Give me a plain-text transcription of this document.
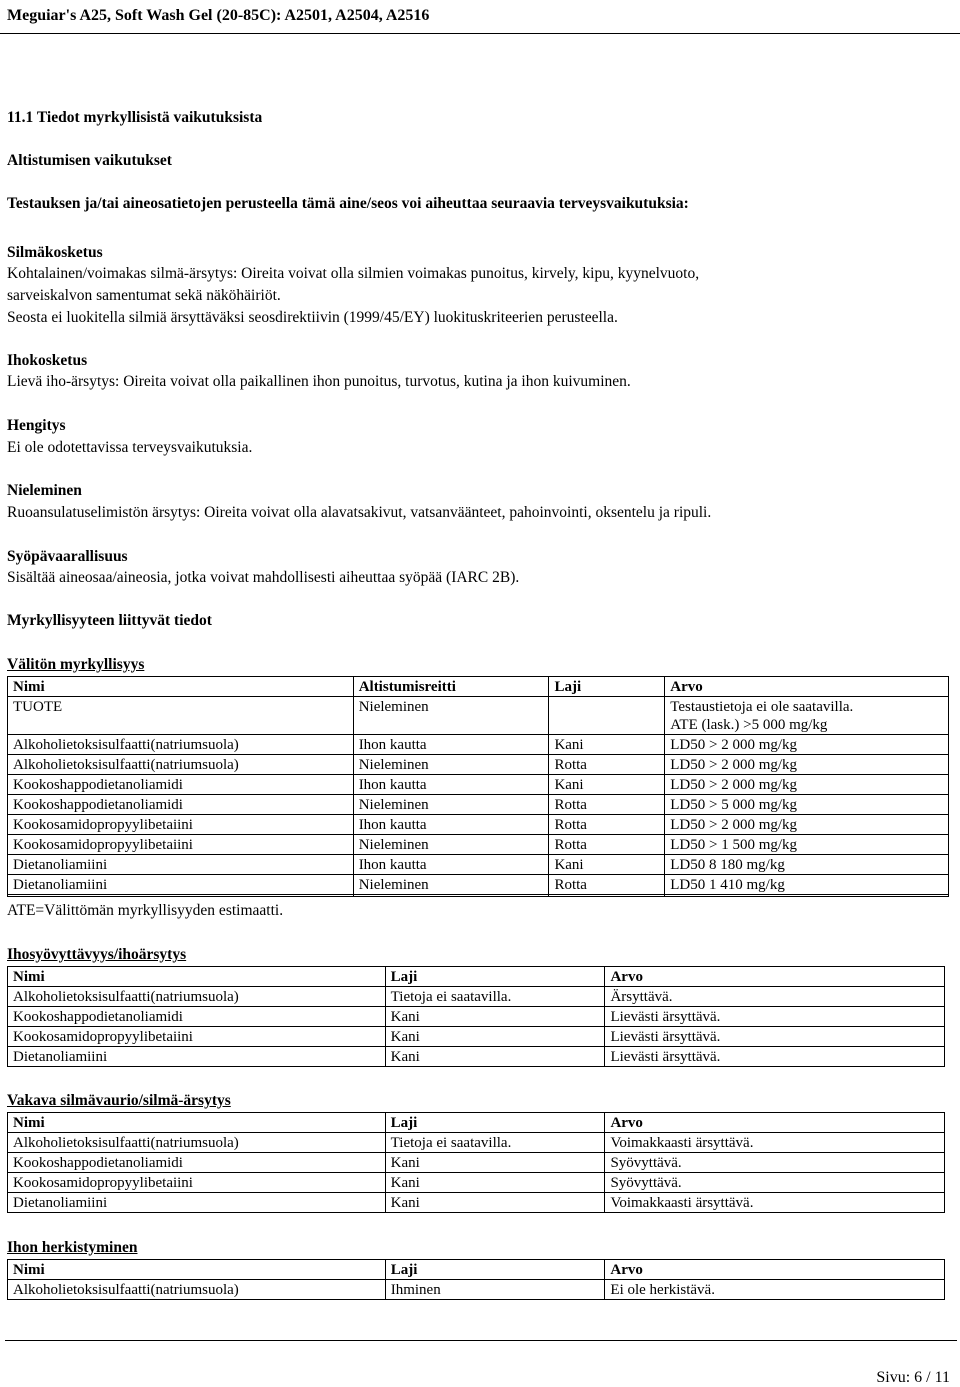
Meguiar's A25, Soft Wash Gel (20-85C): A2501, A2504, A2516
11.1 Tiedot myrkyllisistä vaikutuksista
Altistumisen vaikutukset
Testauksen ja/tai aineosatietojen perusteella tämä aine/seos voi aiheuttaa seuraavia terveysvaikutuksia:
Silmäkosketus
Kohtalainen/voimakas silmä-ärsytys: Oireita voivat olla silmien voimakas punoitus, kirvely, kipu, kyynelvuoto,
sarveiskalvon samentumat sekä näköhäiriöt.
Seosta ei luokitella silmiä ärsyttäväksi seosdirektiivin (1999/45/EY) luokituskriteerien perusteella.
Ihokosketus
Lievä iho-ärsytys: Oireita voivat olla paikallinen ihon punoitus, turvotus, kutina ja ihon kuivuminen.
Hengitys
Ei ole odotettavissa terveysvaikutuksia.
Nieleminen
Ruoansulatuselimistön ärsytys: Oireita voivat olla alavatsakivut, vatsanväänteet, pahoinvointi, oksentelu ja ripuli.
Syöpävaarallisuus
Sisältää aineosaa/aineosia, jotka voivat mahdollisesti aiheuttaa syöpää (IARC 2B).
Myrkyllisyyteen liittyvät tiedot
Välitön myrkyllisyys
Nimi	Altistumisreitti	Laji	Arvo
TUOTE	Nieleminen		Testaustietoja ei ole saatavilla.
ATE (lask.) >5 000 mg/kg

Alkoholietoksisulfaatti(natriumsuola)	Ihon kautta	Kani	LD50 > 2 000 mg/kg
Alkoholietoksisulfaatti(natriumsuola)	Nieleminen	Rotta	LD50 > 2 000 mg/kg
Kookoshappodietanoliamidi	Ihon kautta	Kani	LD50 > 2 000 mg/kg
Kookoshappodietanoliamidi	Nieleminen	Rotta	LD50 > 5 000 mg/kg
Kookosamidopropyylibetaiini	Ihon kautta	Rotta	LD50 > 2 000 mg/kg
Kookosamidopropyylibetaiini	Nieleminen	Rotta	LD50 > 1 500 mg/kg
Dietanoliamiini	Ihon kautta	Kani	LD50 8 180 mg/kg
Dietanoliamiini	Nieleminen	Rotta	LD50 1 410 mg/kg

ATE=Välittömän myrkyllisyyden estimaatti.
Ihosyövyttävyys/ihoärsytys
Nimi	Laji	Arvo
Alkoholietoksisulfaatti(natriumsuola)	Tietoja ei saatavilla.	Ärsyttävä.
Kookoshappodietanoliamidi	Kani	Lievästi ärsyttävä.
Kookosamidopropyylibetaiini	Kani	Lievästi ärsyttävä.
Dietanoliamiini	Kani	Lievästi ärsyttävä.
Vakava silmävaurio/silmä-ärsytys
Nimi	Laji	Arvo
Alkoholietoksisulfaatti(natriumsuola)	Tietoja ei saatavilla.	Voimakkaasti ärsyttävä.
Kookoshappodietanoliamidi	Kani	Syövyttävä.
Kookosamidopropyylibetaiini	Kani	Syövyttävä.
Dietanoliamiini	Kani	Voimakkaasti ärsyttävä.
Ihon herkistyminen
Nimi	Laji	Arvo
Alkoholietoksisulfaatti(natriumsuola)	Ihminen	Ei ole herkistävä.
Sivu: 6 / 11
